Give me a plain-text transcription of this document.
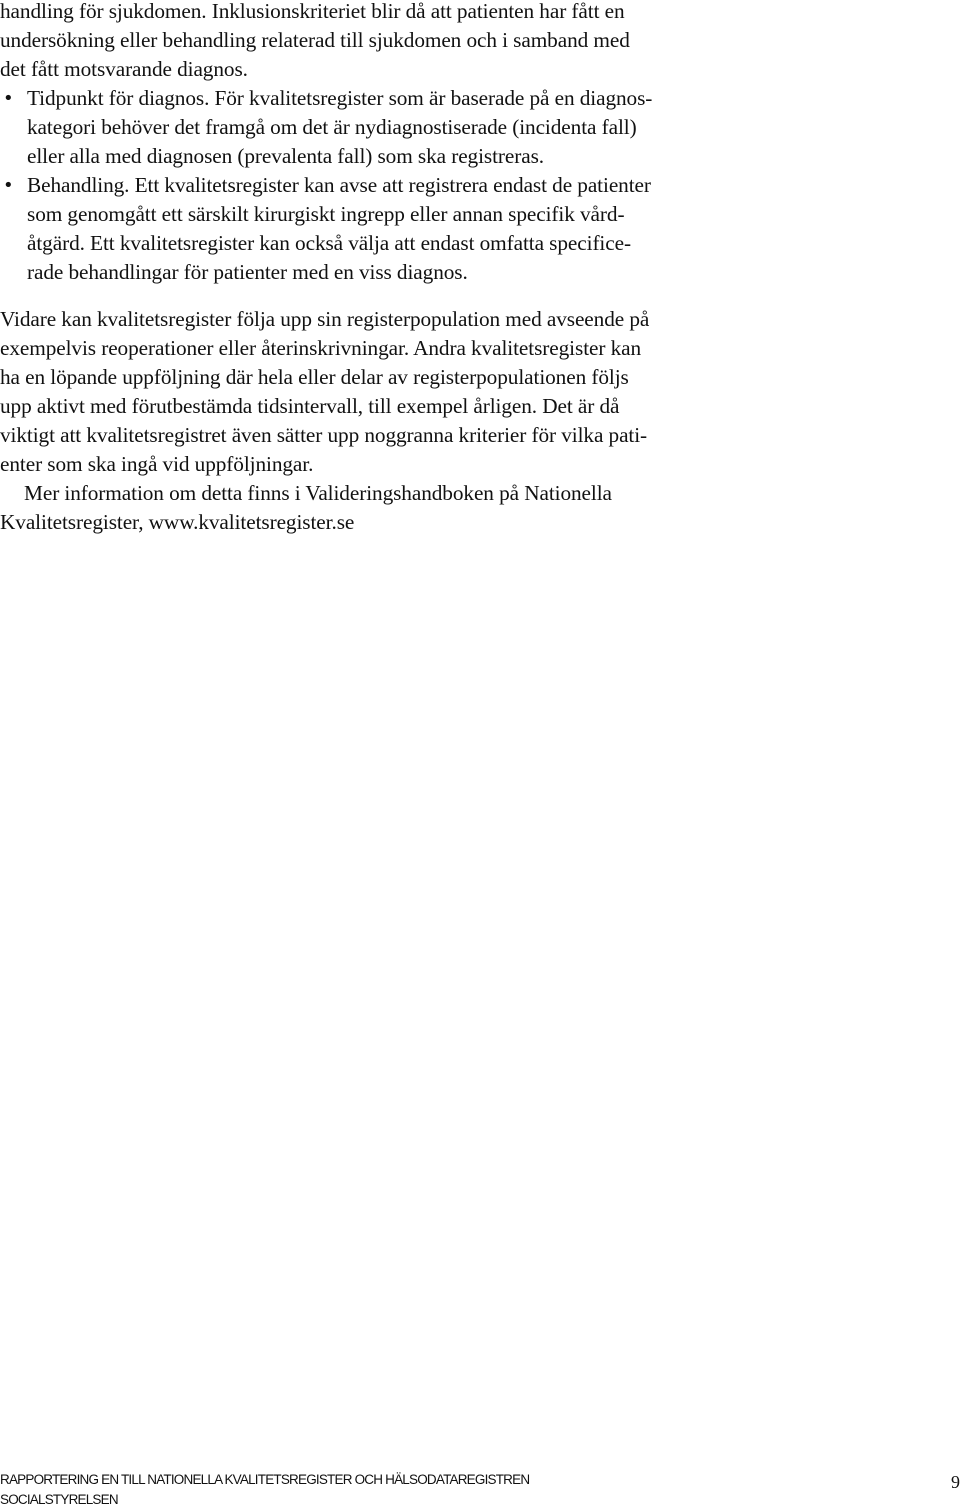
handling för sjukdomen. Inklusionskriteriet blir då att patienten har fått en
undersökning eller behandling relaterad till sjukdomen och i samband med
det fått motsvarande diagnos.
• Tidpunkt för diagnos. För kvalitetsregister som är baserade på en diagnos-
kategori behöver det framgå om det är nydiagnostiserade (incidenta fall)
eller alla med diagnosen (prevalenta fall) som ska registreras.
• Behandling. Ett kvalitetsregister kan avse att registrera endast de patienter
som genomgått ett särskilt kirurgiskt ingrepp eller annan specifik vård-
åtgärd. Ett kvalitetsregister kan också välja att endast omfatta specifice-
rade behandlingar för patienter med en viss diagnos.
Vidare kan kvalitetsregister följa upp sin registerpopulation med avseende på
exempelvis reoperationer eller återinskrivningar. Andra kvalitetsregister kan
ha en löpande uppföljning där hela eller delar av registerpopulationen följs
upp aktivt med förutbestämda tidsintervall, till exempel årligen. Det är då
viktigt att kvalitetsregistret även sätter upp noggranna kriterier för vilka pati-
enter som ska ingå vid uppföljningar.
Mer information om detta finns i Valideringshandboken på Nationella
Kvalitetsregister, www.kvalitetsregister.se
RAPPORTERING EN TILL NATIONELLA KVALITETSREGISTER OCH HÄLSODATAREGISTREN
SOCIALSTYRELSEN
9
